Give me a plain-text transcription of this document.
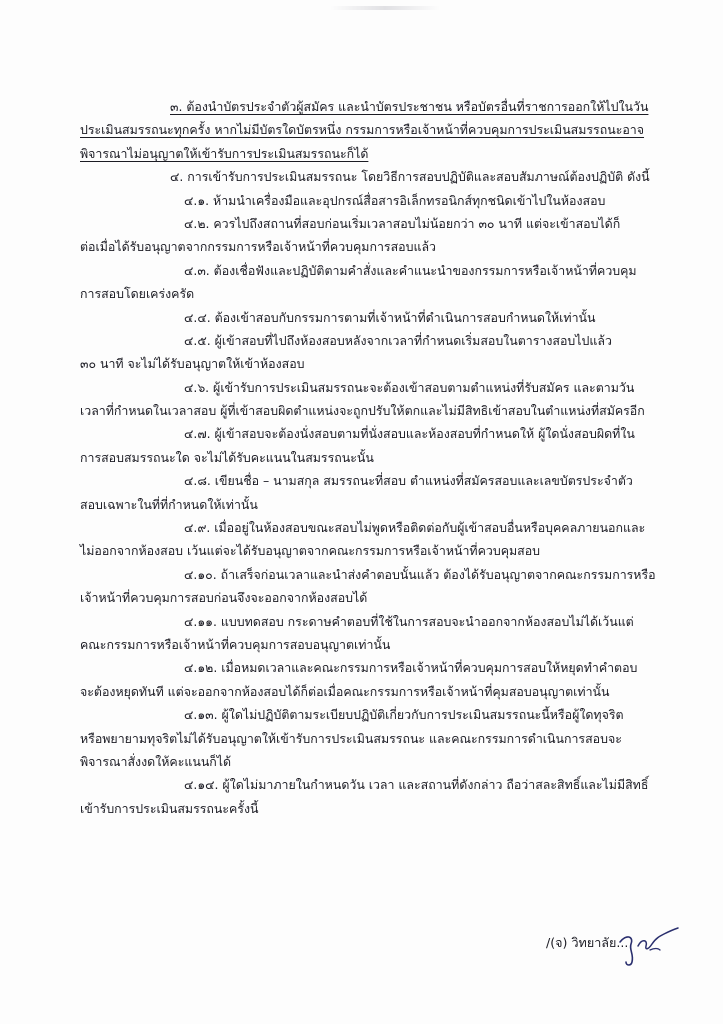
๓. ต้องนำบัตรประจำตัวผู้สมัคร และนำบัตรประชาชน หรือบัตรอื่นที่ราชการออกให้ไปในวัน
ประเมินสมรรถนะทุกครั้ง หากไม่มีบัตรใดบัตรหนึ่ง กรรมการหรือเจ้าหน้าที่ควบคุมการประเมินสมรรถนะอาจ
พิจารณาไม่อนุญาตให้เข้ารับการประเมินสมรรถนะก็ได้
๔. การเข้ารับการประเมินสมรรถนะ โดยวิธีการสอบปฏิบัติและสอบสัมภาษณ์ต้องปฏิบัติ ดังนี้
๔.๑. ห้ามนำเครื่องมือและอุปกรณ์สื่อสารอิเล็กทรอนิกส์ทุกชนิดเข้าไปในห้องสอบ
๔.๒. ควรไปถึงสถานที่สอบก่อนเริ่มเวลาสอบไม่น้อยกว่า ๓๐ นาที แต่จะเข้าสอบได้ก็
ต่อเมื่อได้รับอนุญาตจากกรรมการหรือเจ้าหน้าที่ควบคุมการสอบแล้ว
๔.๓. ต้องเชื่อฟังและปฏิบัติตามคำสั่งและคำแนะนำของกรรมการหรือเจ้าหน้าที่ควบคุม
การสอบโดยเคร่งครัด
๔.๔. ต้องเข้าสอบกับกรรมการตามที่เจ้าหน้าที่ดำเนินการสอบกำหนดให้เท่านั้น
๔.๕. ผู้เข้าสอบที่ไปถึงห้องสอบหลังจากเวลาที่กำหนดเริ่มสอบในตารางสอบไปแล้ว
๓๐ นาที จะไม่ได้รับอนุญาตให้เข้าห้องสอบ
๔.๖. ผู้เข้ารับการประเมินสมรรถนะจะต้องเข้าสอบตามตำแหน่งที่รับสมัคร และตามวัน
เวลาที่กำหนดในเวลาสอบ ผู้ที่เข้าสอบผิดตำแหน่งจะถูกปรับให้ตกและไม่มีสิทธิเข้าสอบในตำแหน่งที่สมัครอีก
๔.๗. ผู้เข้าสอบจะต้องนั่งสอบตามที่นั่งสอบและห้องสอบที่กำหนดให้ ผู้ใดนั่งสอบผิดที่ใน
การสอบสมรรถนะใด จะไม่ได้รับคะแนนในสมรรถนะนั้น
๔.๘. เขียนชื่อ – นามสกุล สมรรถนะที่สอบ ตำแหน่งที่สมัครสอบและเลขบัตรประจำตัว
สอบเฉพาะในที่ที่กำหนดให้เท่านั้น
๔.๙. เมื่ออยู่ในห้องสอบขณะสอบไม่พูดหรือติดต่อกับผู้เข้าสอบอื่นหรือบุคคลภายนอกและ
ไม่ออกจากห้องสอบ เว้นแต่จะได้รับอนุญาตจากคณะกรรมการหรือเจ้าหน้าที่ควบคุมสอบ
๔.๑๐. ถ้าเสร็จก่อนเวลาและนำส่งคำตอบนั้นแล้ว ต้องได้รับอนุญาตจากคณะกรรมการหรือ
เจ้าหน้าที่ควบคุมการสอบก่อนจึงจะออกจากห้องสอบได้
๔.๑๑. แบบทดสอบ กระดาษคำตอบที่ใช้ในการสอบจะนำออกจากห้องสอบไม่ได้เว้นแต่
คณะกรรมการหรือเจ้าหน้าที่ควบคุมการสอบอนุญาตเท่านั้น
๔.๑๒. เมื่อหมดเวลาและคณะกรรมการหรือเจ้าหน้าที่ควบคุมการสอบให้หยุดทำคำตอบ
จะต้องหยุดทันที แต่จะออกจากห้องสอบได้ก็ต่อเมื่อคณะกรรมการหรือเจ้าหน้าที่คุมสอบอนุญาตเท่านั้น
๔.๑๓. ผู้ใดไม่ปฏิบัติตามระเบียบปฏิบัติเกี่ยวกับการประเมินสมรรถนะนี้หรือผู้ใดทุจริต
หรือพยายามทุจริตไม่ได้รับอนุญาตให้เข้ารับการประเมินสมรรถนะ และคณะกรรมการดำเนินการสอบจะ
พิจารณาสั่งงดให้คะแนนก็ได้
๔.๑๔. ผู้ใดไม่มาภายในกำหนดวัน เวลา และสถานที่ดังกล่าว ถือว่าสละสิทธิ์และไม่มีสิทธิ์
เข้ารับการประเมินสมรรถนะครั้งนี้
/(จ) วิทยาลัย...
